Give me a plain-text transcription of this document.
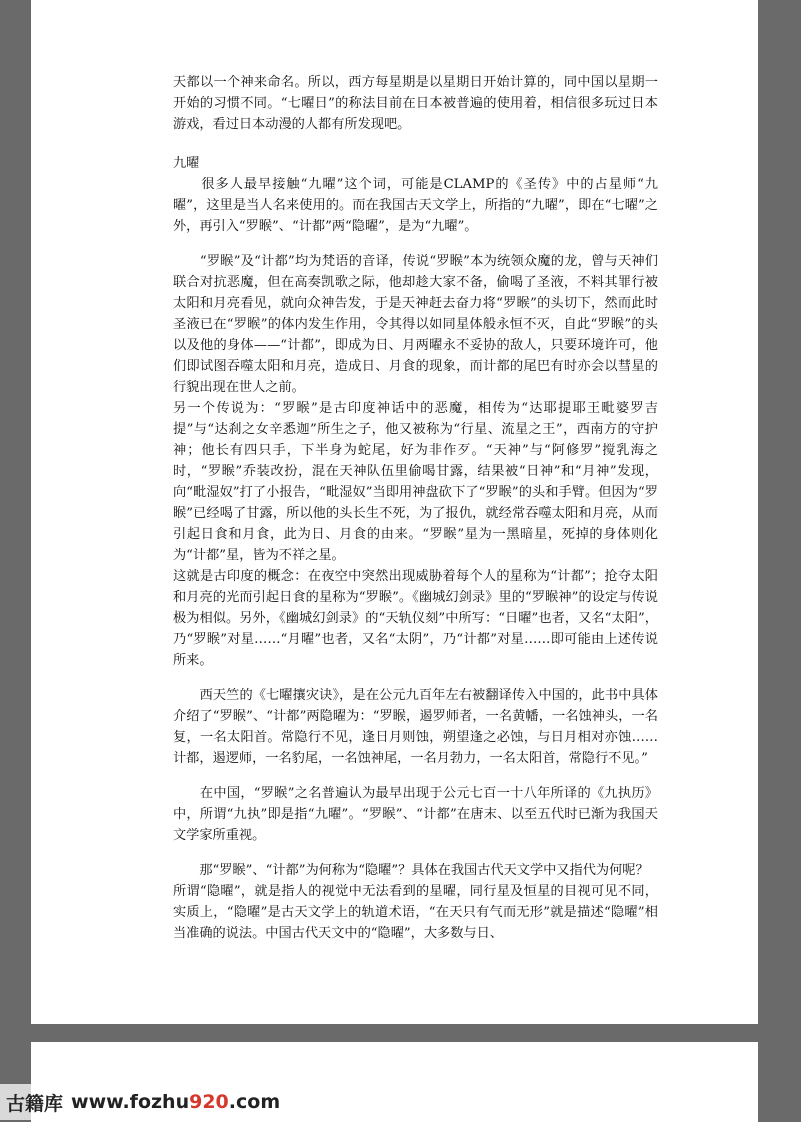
天都以一个神来命名。所以，西方每星期是以星期日开始计算的，同中国以星期一开始的习惯不同。“七曜日”的称法目前在日本被普遍的使用着，相信很多玩过日本游戏，看过日本动漫的人都有所发现吧。

九曜

　　很多人最早接触“九曜”这个词，可能是CLAMP的《圣传》中的占星师“九曜”，这里是当人名来使用的。而在我国古天文学上，所指的“九曜”，即在“七曜”之外，再引入“罗睺”、“计都”两“隐曜”，是为“九曜”。

　　“罗睺”及“计都”均为梵语的音译，传说“罗睺”本为统领众魔的龙，曾与天神们联合对抗恶魔，但在高奏凯歌之际，他却趁大家不备，偷喝了圣液，不料其罪行被太阳和月亮看见，就向众神告发，于是天神赶去奋力将“罗睺”的头切下，然而此时圣液已在“罗睺”的体内发生作用，令其得以如同星体般永恒不灭，自此“罗睺”的头以及他的身体——“计都”，即成为日、月两曜永不妥协的敌人，只要环境许可，他们即试图吞噬太阳和月亮，造成日、月食的现象，而计都的尾巴有时亦会以彗星的行貌出现在世人之前。

另一个传说为：“罗睺”是古印度神话中的恶魔，相传为“达耶提耶王毗婆罗吉提”与“达刹之女辛悉迦”所生之子，他又被称为“行星、流星之王”，西南方的守护神；他长有四只手，下半身为蛇尾，好为非作歹。“天神”与“阿修罗”搅乳海之时，“罗睺”乔装改扮，混在天神队伍里偷喝甘露，结果被“日神”和“月神”发现，向“毗湿奴”打了小报告，“毗湿奴”当即用神盘砍下了“罗睺”的头和手臂。但因为“罗睺”已经喝了甘露，所以他的头长生不死，为了报仇，就经常吞噬太阳和月亮，从而引起日食和月食，此为日、月食的由来。“罗睺”星为一黑暗星，死掉的身体则化为“计都”星，皆为不祥之星。

这就是古印度的概念：在夜空中突然出现威胁着每个人的星称为“计都”；抢夺太阳和月亮的光而引起日食的星称为“罗睺”。《幽城幻剑录》里的“罗睺神”的设定与传说极为相似。另外，《幽城幻剑录》的“天轨仪刻”中所写：“日曜”也者，又名“太阳”，乃“罗睺”对星……“月曜”也者，又名“太阴”，乃“计都”对星……即可能由上述传说所来。

　　西天竺的《七曜攘灾诀》，是在公元九百年左右被翻译传入中国的，此书中具体介绍了“罗睺”、“计都”两隐曜为：“罗睺，遏罗师者，一名黄幡，一名蚀神头，一名复，一名太阳首。常隐行不见，逢日月则蚀，朔望逢之必蚀，与日月相对亦蚀……计都，遏逻师，一名豹尾，一名蚀神尾，一名月勃力，一名太阳首，常隐行不见。”

　　在中国，“罗睺”之名普遍认为最早出现于公元七百一十八年所译的《九执历》中，所谓“九执”即是指“九曜”。“罗睺”、“计都”在唐末、以至五代时已渐为我国天文学家所重视。

　　那“罗睺”、“计都”为何称为“隐曜”？具体在我国古代天文学中又指代为何呢？

所谓“隐曜”，就是指人的视觉中无法看到的星曜，同行星及恒星的目视可见不同，实质上，“隐曜”是古天文学上的轨道术语，“在天只有气而无形”就是描述“隐曜”相当准确的说法。中国古代天文中的“隐曜”，大多数与日、

古籍库 www.fozhu 920 .com
